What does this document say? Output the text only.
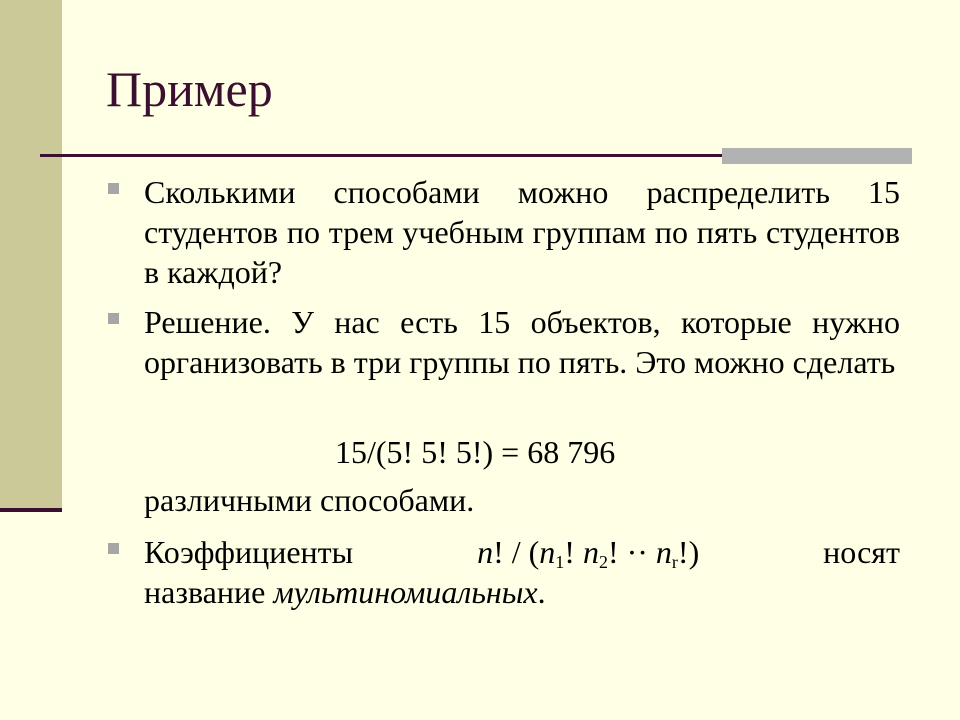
Пример
Сколькими способами можно распределить 15 студентов по трем учебным группам по пять студентов в каждой?
Решение. У нас есть 15 объектов, которые нужно организовать в три группы по пять. Это можно сделать
15/(5! 5! 5!) = 68 796
различными способами.
Коэффициенты	n! / ($n_1$! $n_2$! ·· $n_r$!)	носят
название мультиномиальных.
